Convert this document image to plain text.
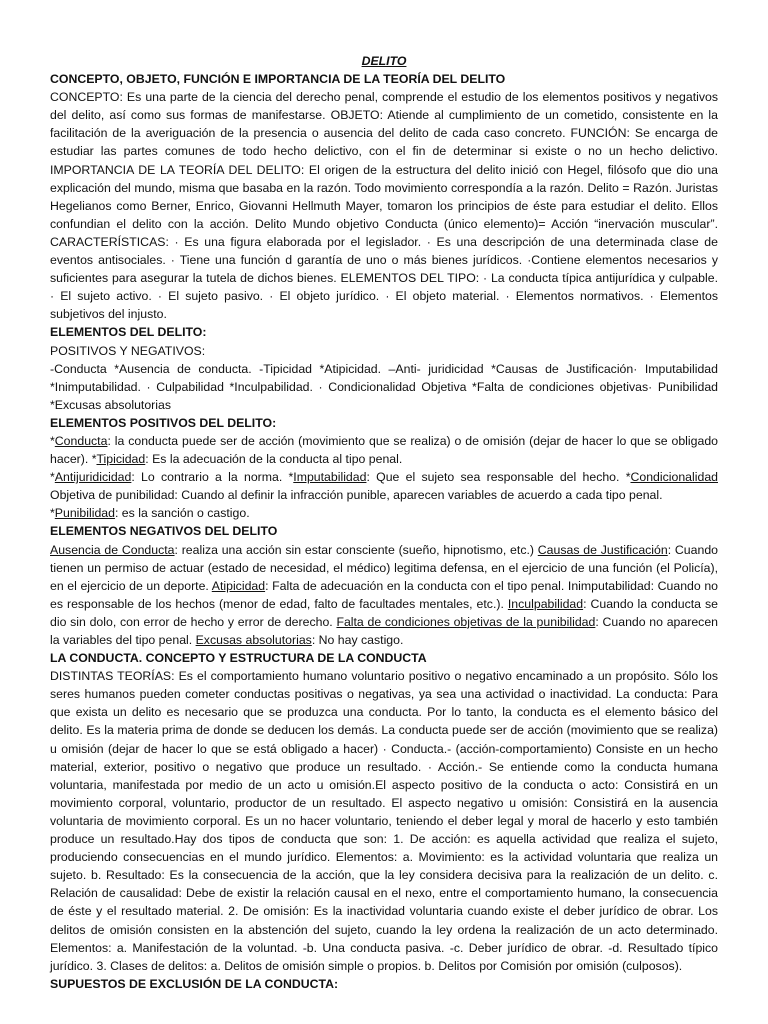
DELITO
CONCEPTO, OBJETO, FUNCIÓN E IMPORTANCIA DE LA TEORÍA DEL DELITO

CONCEPTO: Es una parte de la ciencia del derecho penal, comprende el estudio de los elementos positivos y negativos del delito, así como sus formas de manifestarse. OBJETO: Atiende al cumplimiento de un cometido, consistente en la facilitación de la averiguación de la presencia o ausencia del delito de cada caso concreto. FUNCIÓN: Se encarga de estudiar las partes comunes de todo hecho delictivo, con el fin de determinar si existe o no un hecho delictivo. IMPORTANCIA DE LA TEORÍA DEL DELITO: El origen de la estructura del delito inició con Hegel, filósofo que dio una explicación del mundo, misma que basaba en la razón. Todo movimiento correspondía a la razón. Delito = Razón. Juristas Hegelianos como Berner, Enrico, Giovanni Hellmuth Mayer, tomaron los principios de éste para estudiar el delito. Ellos confundian el delito con la acción. Delito Mundo objetivo Conducta (único elemento)= Acción “inervación muscular”. CARACTERÍSTICAS: · Es una figura elaborada por el legislador. · Es una descripción de una determinada clase de eventos antisociales. · Tiene una función d garantía de uno o más bienes jurídicos. ·Contiene elementos necesarios y suficientes para asegurar la tutela de dichos bienes. ELEMENTOS DEL TIPO: · La conducta típica antijurídica y culpable. · El sujeto activo. · El sujeto pasivo. · El objeto jurídico. · El objeto material. · Elementos normativos. · Elementos subjetivos del injusto.

ELEMENTOS DEL DELITO:
POSITIVOS Y NEGATIVOS:

-Conducta *Ausencia de conducta. -Tipicidad *Atipicidad. –Anti- juridicidad *Causas de Justificación· Imputabilidad *Inimputabilidad. · Culpabilidad *Inculpabilidad. · Condicionalidad Objetiva *Falta de condiciones objetivas· Punibilidad *Excusas absolutorias

ELEMENTOS POSITIVOS DEL DELITO:

*Conducta: la conducta puede ser de acción (movimiento que se realiza) o de omisión (dejar de hacer lo que se obligado hacer). *Tipicidad: Es la adecuación de la conducta al tipo penal.

*Antijuridicidad: Lo contrario a la norma. *Imputabilidad: Que el sujeto sea responsable del hecho. *Condicionalidad Objetiva de punibilidad: Cuando al definir la infracción punible, aparecen variables de acuerdo a cada tipo penal.

*Punibilidad: es la sanción o castigo.

ELEMENTOS NEGATIVOS DEL DELITO

Ausencia de Conducta: realiza una acción sin estar consciente (sueño, hipnotismo, etc.) Causas de Justificación: Cuando tienen un permiso de actuar (estado de necesidad, el médico) legitima defensa, en el ejercicio de una función (el Policía), en el ejercicio de un deporte. Atipicidad: Falta de adecuación en la conducta con el tipo penal. Inimputabilidad: Cuando no es responsable de los hechos (menor de edad, falto de facultades mentales, etc.). Inculpabilidad: Cuando la conducta se dio sin dolo, con error de hecho y error de derecho. Falta de condiciones objetivas de la punibilidad: Cuando no aparecen la variables del tipo penal. Excusas absolutorias: No hay castigo.

LA CONDUCTA. CONCEPTO Y ESTRUCTURA DE LA CONDUCTA

DISTINTAS TEORÍAS: Es el comportamiento humano voluntario positivo o negativo encaminado a un propósito. Sólo los seres humanos pueden cometer conductas positivas o negativas, ya sea una actividad o inactividad. La conducta: Para que exista un delito es necesario que se produzca una conducta. Por lo tanto, la conducta es el elemento básico del delito. Es la materia prima de donde se deducen los demás. La conducta puede ser de acción (movimiento que se realiza) u omisión (dejar de hacer lo que se está obligado a hacer) · Conducta.- (acción-comportamiento) Consiste en un hecho material, exterior, positivo o negativo que produce un resultado. · Acción.- Se entiende como la conducta humana voluntaria, manifestada por medio de un acto u omisión.El aspecto positivo de la conducta o acto: Consistirá en un movimiento corporal, voluntario, productor de un resultado. El aspecto negativo u omisión: Consistirá en la ausencia voluntaria de movimiento corporal. Es un no hacer voluntario, teniendo el deber legal y moral de hacerlo y esto también produce un resultado.Hay dos tipos de conducta que son: 1. De acción: es aquella actividad que realiza el sujeto, produciendo consecuencias en el mundo jurídico. Elementos: a. Movimiento: es la actividad voluntaria que realiza un sujeto. b. Resultado: Es la consecuencia de la acción, que la ley considera decisiva para la realización de un delito. c. Relación de causalidad: Debe de existir la relación causal en el nexo, entre el comportamiento humano, la consecuencia de éste y el resultado material. 2. De omisión: Es la inactividad voluntaria cuando existe el deber jurídico de obrar. Los delitos de omisión consisten en la abstención del sujeto, cuando la ley ordena la realización de un acto determinado. Elementos: a. Manifestación de la voluntad. -b. Una conducta pasiva. -c. Deber jurídico de obrar. -d. Resultado típico jurídico. 3. Clases de delitos: a. Delitos de omisión simple o propios. b. Delitos por Comisión por omisión (culposos).

SUPUESTOS DE EXCLUSIÓN DE LA CONDUCTA:
